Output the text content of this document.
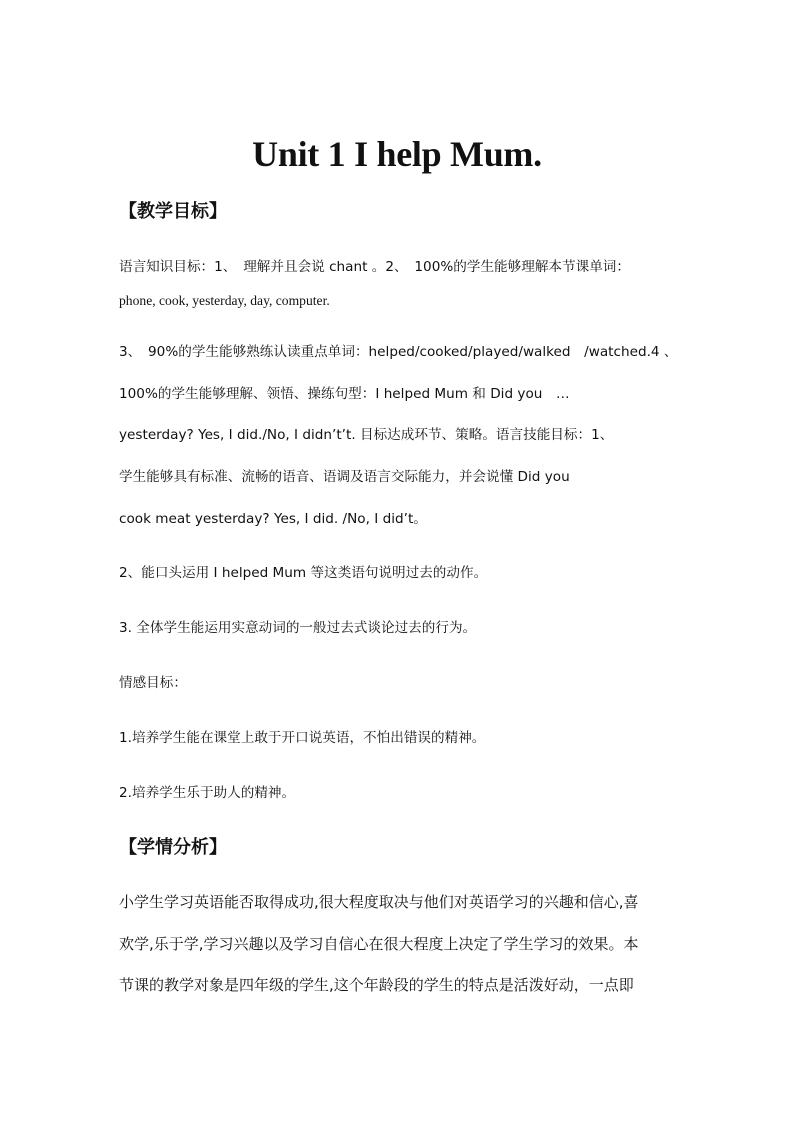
Unit 1 I help Mum.
【教学目标】
语言知识目标：1、　理解并且会说 chant 。2、　100%的学生能够理解本节课单词：
phone, cook, yesterday, day, computer.
3、　90%的学生能够熟练认读重点单词：helped/cooked/played/walked　/watched.4 、
100%的学生能够理解、领悟、操练句型：I helped Mum 和 Did you　…
yesterday? Yes, I did./No, I didn’t’t. 目标达成环节、策略。语言技能目标：1、
学生能够具有标准、流畅的语音、语调及语言交际能力，并会说懂 Did you
cook meat yesterday? Yes, I did. /No, I did’t。
2、能口头运用 I helped Mum 等这类语句说明过去的动作。
3. 全体学生能运用实意动词的一般过去式谈论过去的行为。
情感目标：
1.培养学生能在课堂上敢于开口说英语，不怕出错误的精神。
2.培养学生乐于助人的精神。
【学情分析】
小学生学习英语能否取得成功,很大程度取决与他们对英语学习的兴趣和信心,喜
欢学,乐于学,学习兴趣以及学习自信心在很大程度上决定了学生学习的效果。本
节课的教学对象是四年级的学生,这个年龄段的学生的特点是活泼好动，一点即
